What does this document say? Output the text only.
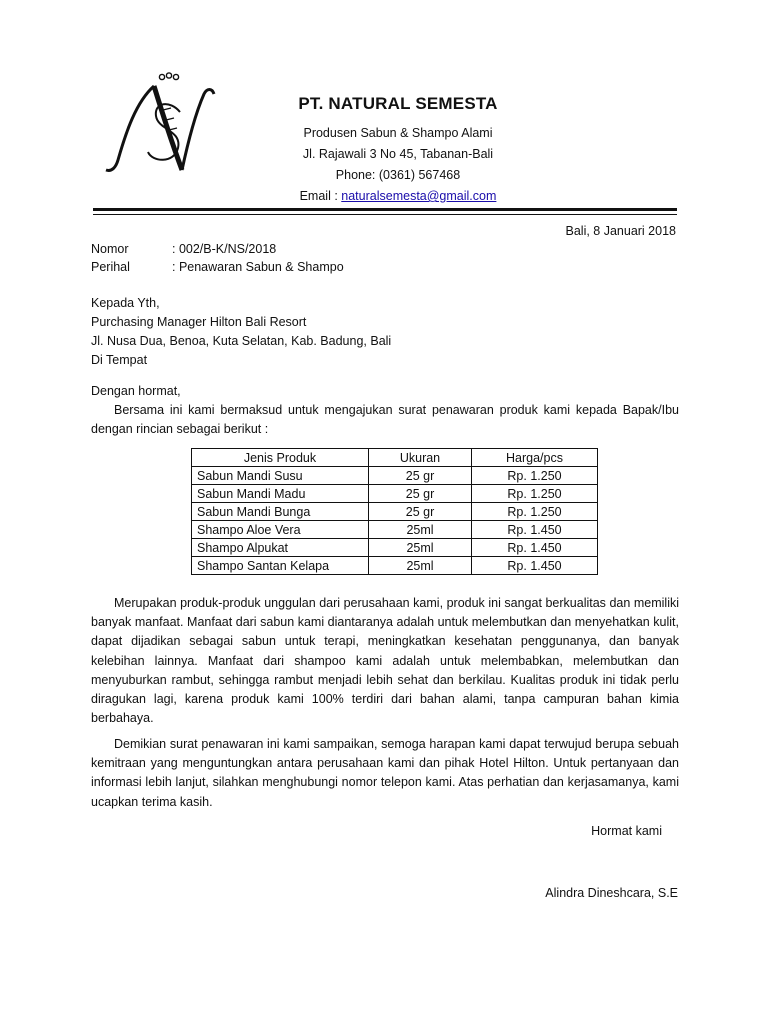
PT. NATURAL SEMESTA
Produsen Sabun & Shampo Alami
Jl. Rajawali 3 No 45, Tabanan-Bali
Phone: (0361) 567468
Email : naturalsemesta@gmail.com
Bali, 8 Januari 2018
Nomor	: 002/B-K/NS/2018
Perihal	: Penawaran Sabun & Shampo
Kepada Yth,
Purchasing Manager Hilton Bali Resort
Jl. Nusa Dua, Benoa, Kuta Selatan, Kab. Badung, Bali
Di Tempat
Dengan hormat,
Bersama ini kami bermaksud untuk mengajukan surat penawaran produk kami kepada Bapak/Ibu dengan rincian sebagai berikut :
Jenis Produk	Ukuran	Harga/pcs
Sabun Mandi Susu	25 gr	Rp. 1.250
Sabun Mandi Madu	25 gr	Rp. 1.250
Sabun Mandi Bunga	25 gr	Rp. 1.250
Shampo Aloe Vera	25ml	Rp. 1.450
Shampo Alpukat	25ml	Rp. 1.450
Shampo Santan Kelapa	25ml	Rp. 1.450
Merupakan produk-produk unggulan dari perusahaan kami, produk ini sangat berkualitas dan memiliki banyak manfaat. Manfaat dari sabun kami diantaranya adalah untuk melembutkan dan menyehatkan kulit, dapat dijadikan sebagai sabun untuk terapi, meningkatkan kesehatan penggunanya, dan banyak kelebihan lainnya. Manfaat dari shampoo kami adalah untuk melembabkan, melembutkan dan menyuburkan rambut, sehingga rambut menjadi lebih sehat dan berkilau. Kualitas produk ini tidak perlu diragukan lagi, karena produk kami 100% terdiri dari bahan alami, tanpa campuran bahan kimia berbahaya.
Demikian surat penawaran ini kami sampaikan, semoga harapan kami dapat terwujud berupa sebuah kemitraan yang menguntungkan antara perusahaan kami dan pihak Hotel Hilton. Untuk pertanyaan dan informasi lebih lanjut, silahkan menghubungi nomor telepon kami. Atas perhatian dan kerjasamanya, kami ucapkan terima kasih.
Hormat kami
Alindra Dineshcara, S.E
